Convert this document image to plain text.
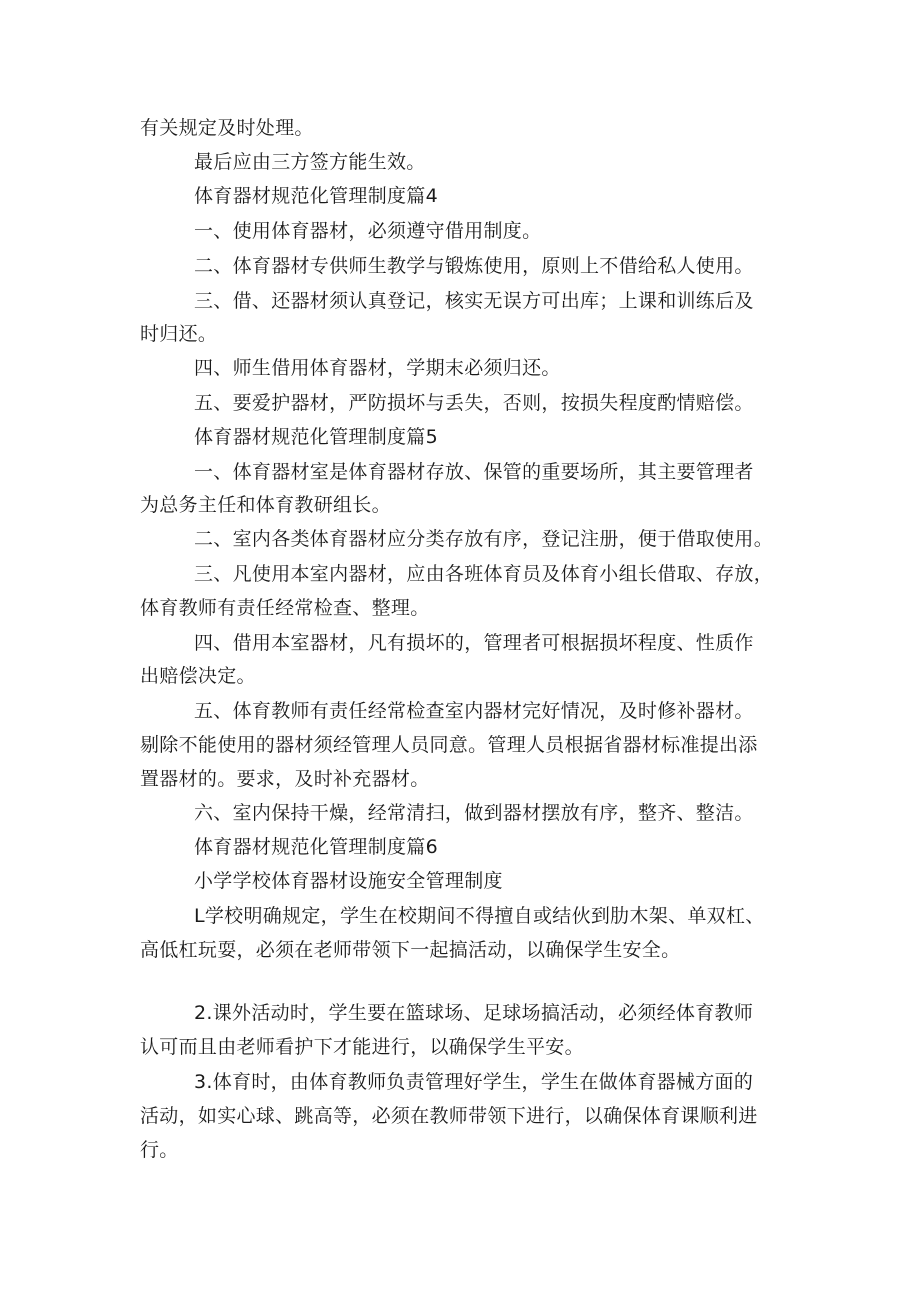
有关规定及时处理。
最后应由三方签方能生效。
体育器材规范化管理制度篇4
一、使用体育器材，必须遵守借用制度。
二、体育器材专供师生教学与锻炼使用，原则上不借给私人使用。
三、借、还器材须认真登记，核实无误方可出库；上课和训练后及
时归还。
四、师生借用体育器材，学期末必须归还。
五、要爱护器材，严防损坏与丢失，否则，按损失程度酌情赔偿。
体育器材规范化管理制度篇5
一、体育器材室是体育器材存放、保管的重要场所，其主要管理者
为总务主任和体育教研组长。
二、室内各类体育器材应分类存放有序，登记注册，便于借取使用。
三、凡使用本室内器材，应由各班体育员及体育小组长借取、存放，
体育教师有责任经常检查、整理。
四、借用本室器材，凡有损坏的，管理者可根据损坏程度、性质作
出赔偿决定。
五、体育教师有责任经常检查室内器材完好情况，及时修补器材。
剔除不能使用的器材须经管理人员同意。管理人员根据省器材标准提出添
置器材的。要求，及时补充器材。
六、室内保持干燥，经常清扫，做到器材摆放有序，整齐、整洁。
体育器材规范化管理制度篇6
小学学校体育器材设施安全管理制度
L学校明确规定，学生在校期间不得擅自或结伙到肋木架、单双杠、
高低杠玩耍，必须在老师带领下一起搞活动，以确保学生安全。
2.课外活动时，学生要在篮球场、足球场搞活动，必须经体育教师
认可而且由老师看护下才能进行，以确保学生平安。
3.体育时，由体育教师负责管理好学生，学生在做体育器械方面的
活动，如实心球、跳高等，必须在教师带领下进行，以确保体育课顺利进
行。
